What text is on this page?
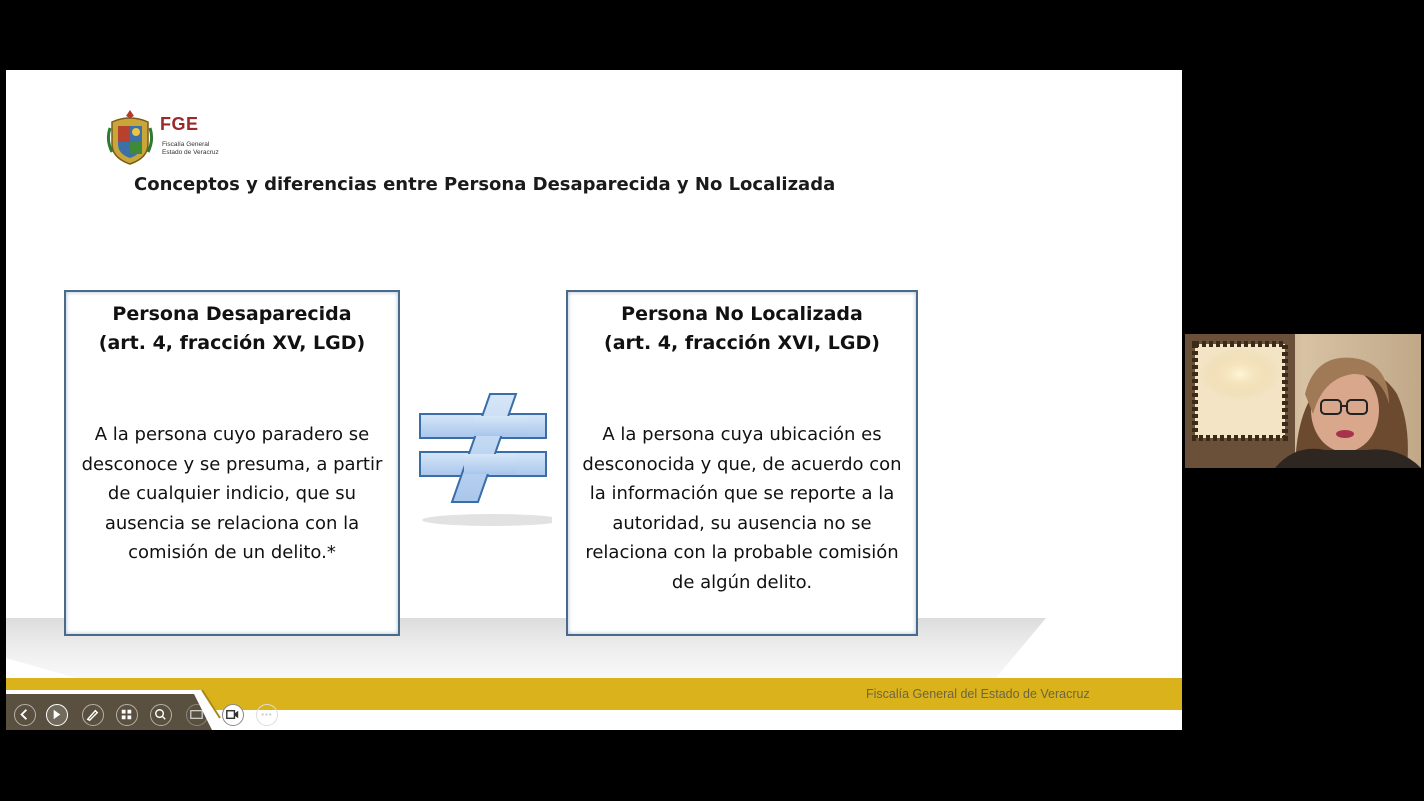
FGE
Fiscalía General
Estado de Veracruz
Conceptos y diferencias entre Persona Desaparecida y No Localizada
Persona Desaparecida
(art. 4, fracción XV, LGD)
A la persona cuyo paradero se desconoce y se presuma, a partir de cualquier indicio, que su ausencia se relaciona con la comisión de un delito.*
Persona No Localizada
(art. 4, fracción XVI, LGD)
A la persona cuya ubicación es desconocida y que, de acuerdo con la información que se reporte a la autoridad, su ausencia no se relaciona con la probable comisión de algún delito.
Fiscalía General del Estado de Veracruz
